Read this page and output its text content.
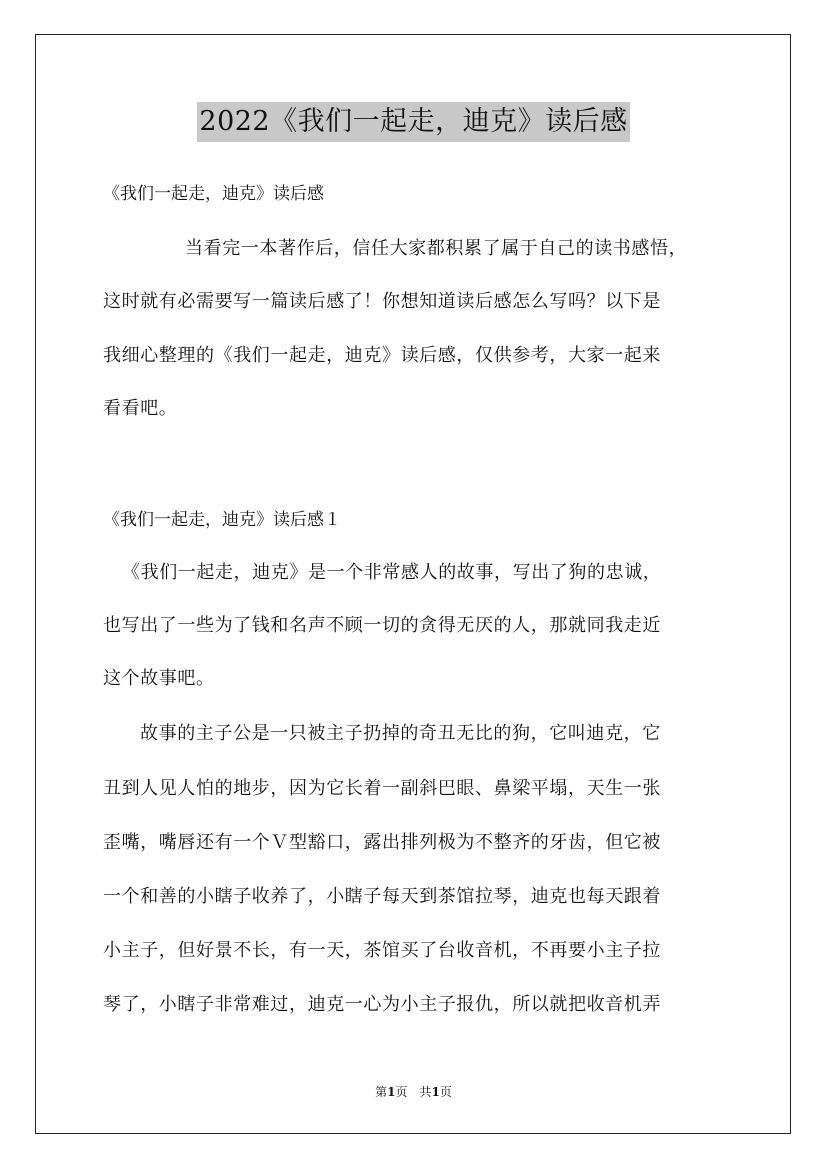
2022《我们一起走，迪克》读后感
《我们一起走，迪克》读后感
当看完一本著作后，信任大家都积累了属于自己的读书感悟，
这时就有必需要写一篇读后感了！你想知道读后感怎么写吗？以下是
我细心整理的《我们一起走，迪克》读后感，仅供参考，大家一起来
看看吧。
《我们一起走，迪克》读后感１
《我们一起走，迪克》是一个非常感人的故事，写出了狗的忠诚，
也写出了一些为了钱和名声不顾一切的贪得无厌的人，那就同我走近
这个故事吧。
故事的主子公是一只被主子扔掉的奇丑无比的狗，它叫迪克，它
丑到人见人怕的地步，因为它长着一副斜巴眼、鼻梁平塌，天生一张
歪嘴，嘴唇还有一个Ｖ型豁口，露出排列极为不整齐的牙齿，但它被
一个和善的小瞎子收养了，小瞎子每天到茶馆拉琴，迪克也每天跟着
小主子，但好景不长，有一天，茶馆买了台收音机，不再要小主子拉
琴了，小瞎子非常难过，迪克一心为小主子报仇，所以就把收音机弄
第1页　共1页
